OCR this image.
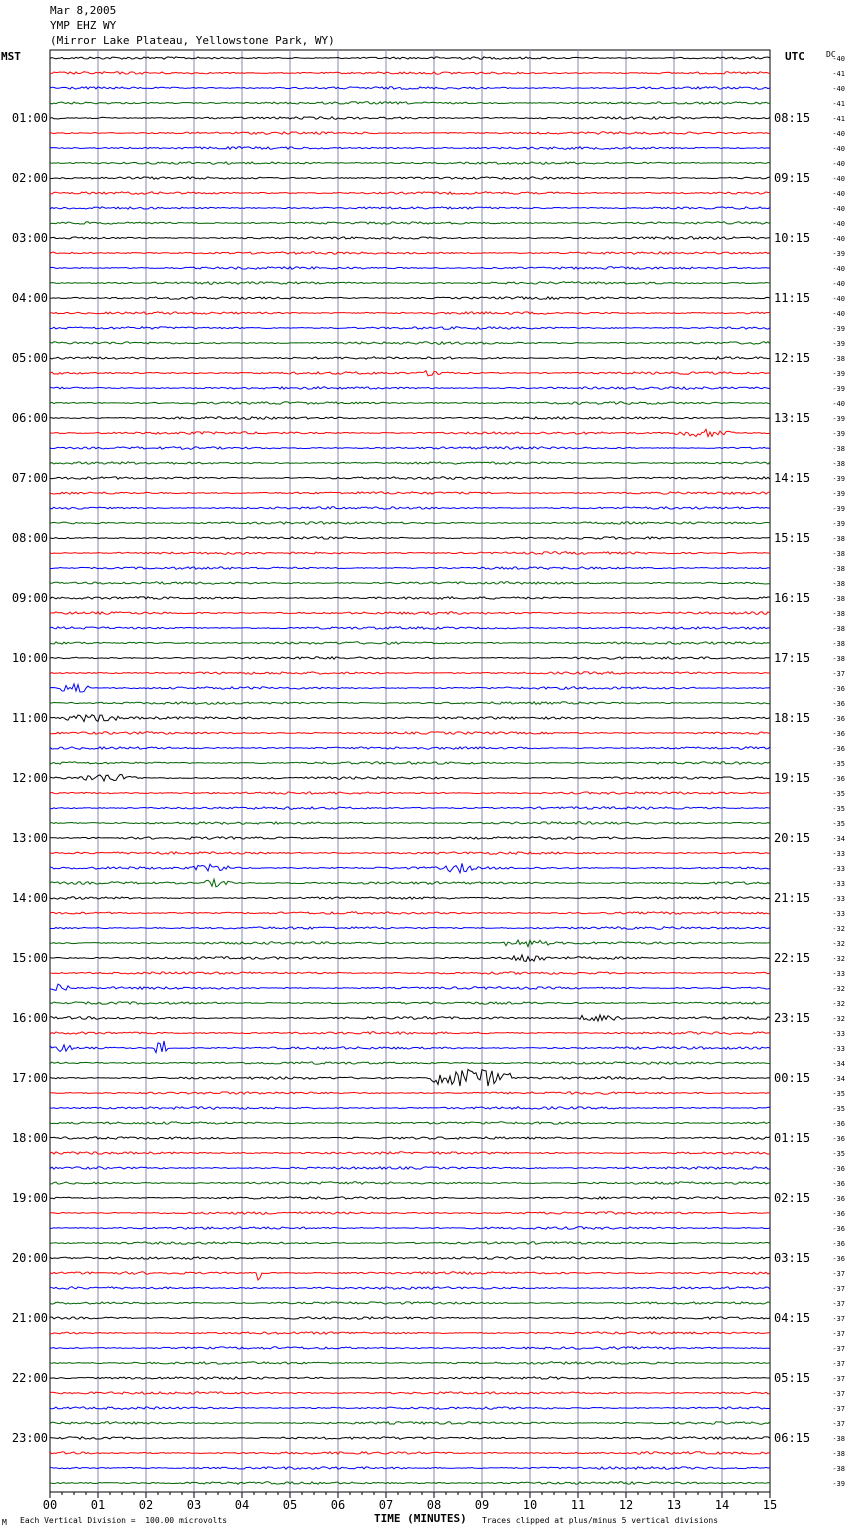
Mar 8,2005
YMP EHZ WY
(Mirror Lake Plateau, Yellowstone Park, WY)
MST	UTC	DC
00	01	02	03	04	05	06	07	08	09	10	11	12	13	14	15
-40
-41
-40
-41
-41
-40
-40
-40
-40
-40
-40
-40
-40
-39
-40
-40
-40
-40
-39
-39
-38
-39
-39
-40
-39
-39
-38
-38
-39
-39
-39
-39
-38
-38
-38
-38
-38
-38
-38
-38
-38
-37
-36
-36
-36
-36
-36
-35
-36
-35
-35
-35
-34
-33
-33
-33
-33
-33
-32
-32
-32
-33
-32
-32
-32
-33
-33
-34
-34
-35
-35
-36
-36
-35
-36
-36
-36
-36
-36
-36
-36
-37
-37
-37
-37
-37
-37
-37
-37
-37
-37
-37
-38
-38
-38
-39
01:00
02:00
03:00
04:00
05:00
06:00
07:00
08:00
09:00
10:00
11:00
12:00
13:00
14:00
15:00
16:00
17:00
18:00
19:00
20:00
21:00
22:00
23:00
08:15
09:15
10:15
11:15
12:15
13:15
14:15
15:15
16:15
17:15
18:15
19:15
20:15
21:15
22:15
23:15
00:15
01:15
02:15
03:15
04:15
05:15
06:15
M Each Vertical Division =  100.00 microvolts	TIME (MINUTES) Traces clipped at plus/minus 5 vertical divisions
